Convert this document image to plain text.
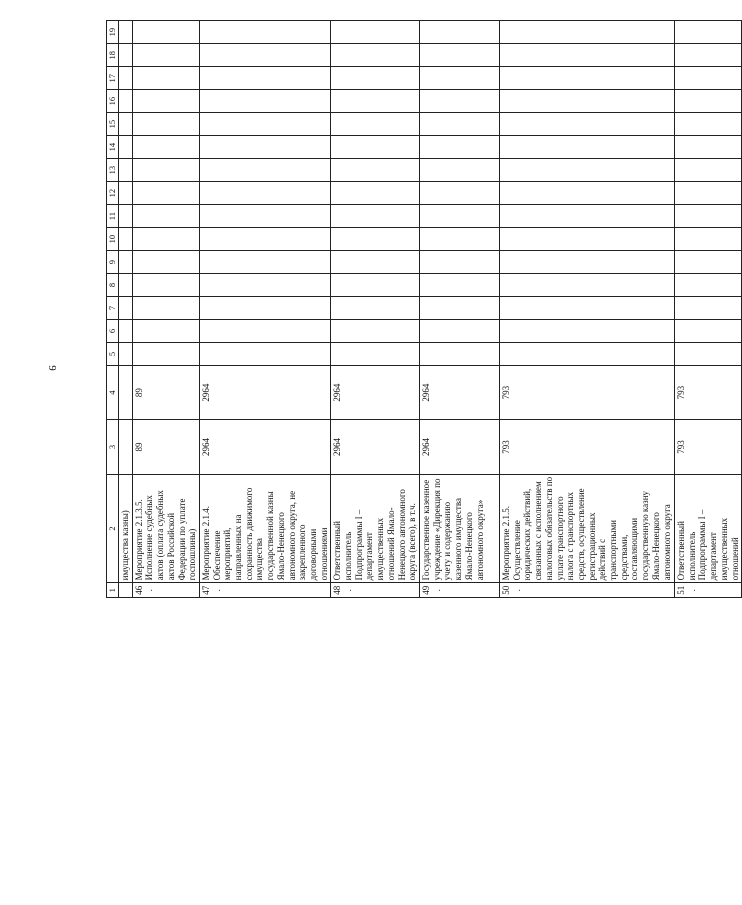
9
1	2	3	4	5	6	7	8	9	10	11	12	13	14	15	16	17	18	19
	имущества казны)																	
46.	Мероприятие 2.1.3.5. Исполнение судебных актов (оплата судебных актов Российской Федерации по уплате госпошлины)	89	89															
47.	Мероприятие 2.1.4. Обеспечение мероприятий, направленных на сохранность движимого имущества государственной казны Ямало-Ненецкого автономного округа, не закрепленного договорными отношениями	2964	2964															
48.	Ответственный исполнитель Подпрограммы I – департамент имущественных отношений Ямало-Ненецкого автономного округа (всего), в т.ч.	2964	2964															
49.	Государственное казенное учреждение «Дирекция по учету и содержанию казенного имущества Ямало-Ненецкого автономного округа»	2964	2964															
50.	Мероприятие 2.1.5. Осуществление юридических действий, связанных с исполнением налоговых обязательств по уплате транспортного налога с транспортных средств, осуществление регистрационных действий с транспортными средствами, составляющими государственную казну Ямало-Ненецкого автономного округа	793	793															
51.	Ответственный исполнитель Подпрограммы I – департамент имущественных отношений	793	793															
